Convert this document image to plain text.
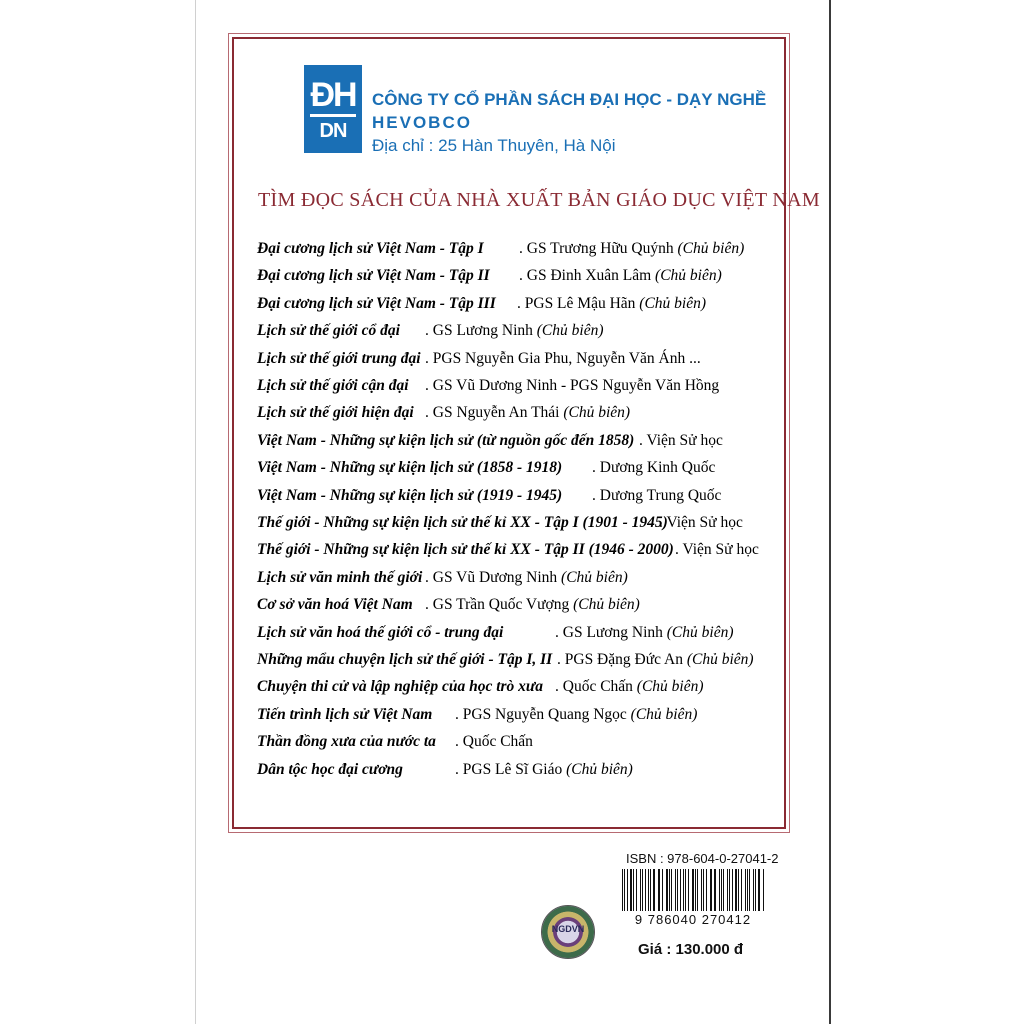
ĐH
DN
CÔNG TY CỔ PHẦN SÁCH ĐẠI HỌC - DẠY NGHỀ
HEVOBCO
Địa chỉ : 25 Hàn Thuyên, Hà Nội
TÌM ĐỌC SÁCH CỦA NHÀ XUẤT BẢN GIÁO DỤC VIỆT NAM
Đại cương lịch sử Việt Nam - Tập I . GS Trương Hữu Quýnh (Chủ biên)
Đại cương lịch sử Việt Nam - Tập II . GS Đinh Xuân Lâm (Chủ biên)
Đại cương lịch sử Việt Nam - Tập III . PGS Lê Mậu Hãn (Chủ biên)
Lịch sử thế giới cổ đại . GS Lương Ninh (Chủ biên)
Lịch sử thế giới trung đại . PGS Nguyễn Gia Phu, Nguyễn Văn Ánh ...
Lịch sử thế giới cận đại . GS Vũ Dương Ninh - PGS Nguyễn Văn Hồng
Lịch sử thế giới hiện đại . GS Nguyễn An Thái (Chủ biên)
Việt Nam - Những sự kiện lịch sử (từ nguồn gốc đến 1858) . Viện Sử học
Việt Nam - Những sự kiện lịch sử (1858 - 1918) . Dương Kinh Quốc
Việt Nam - Những sự kiện lịch sử (1919 - 1945) . Dương Trung Quốc
Thế giới - Những sự kiện lịch sử thế kỉ XX - Tập I (1901 - 1945)
. Viện Sử học
Thế giới - Những sự kiện lịch sử thế kỉ XX - Tập II (1946 - 2000) . Viện Sử học
Lịch sử văn minh thế giới . GS Vũ Dương Ninh (Chủ biên)
Cơ sở văn hoá Việt Nam . GS Trần Quốc Vượng (Chủ biên)
Lịch sử văn hoá thế giới cổ - trung đại	. GS Lương Ninh (Chủ biên)
Những mẩu chuyện lịch sử thế giới - Tập I, II . PGS Đặng Đức An (Chủ biên)
Chuyện thi cử và lập nghiệp của học trò xưa . Quốc Chấn (Chủ biên)
Tiến trình lịch sử Việt Nam . PGS Nguyễn Quang Ngọc (Chủ biên)
Thần đồng xưa của nước ta . Quốc Chấn
Dân tộc học đại cương	. PGS Lê Sĩ Giáo (Chủ biên)
ISBN : 978-604-0-27041-2
9 786040 270412
Giá : 130.000 đ
NGDVN
